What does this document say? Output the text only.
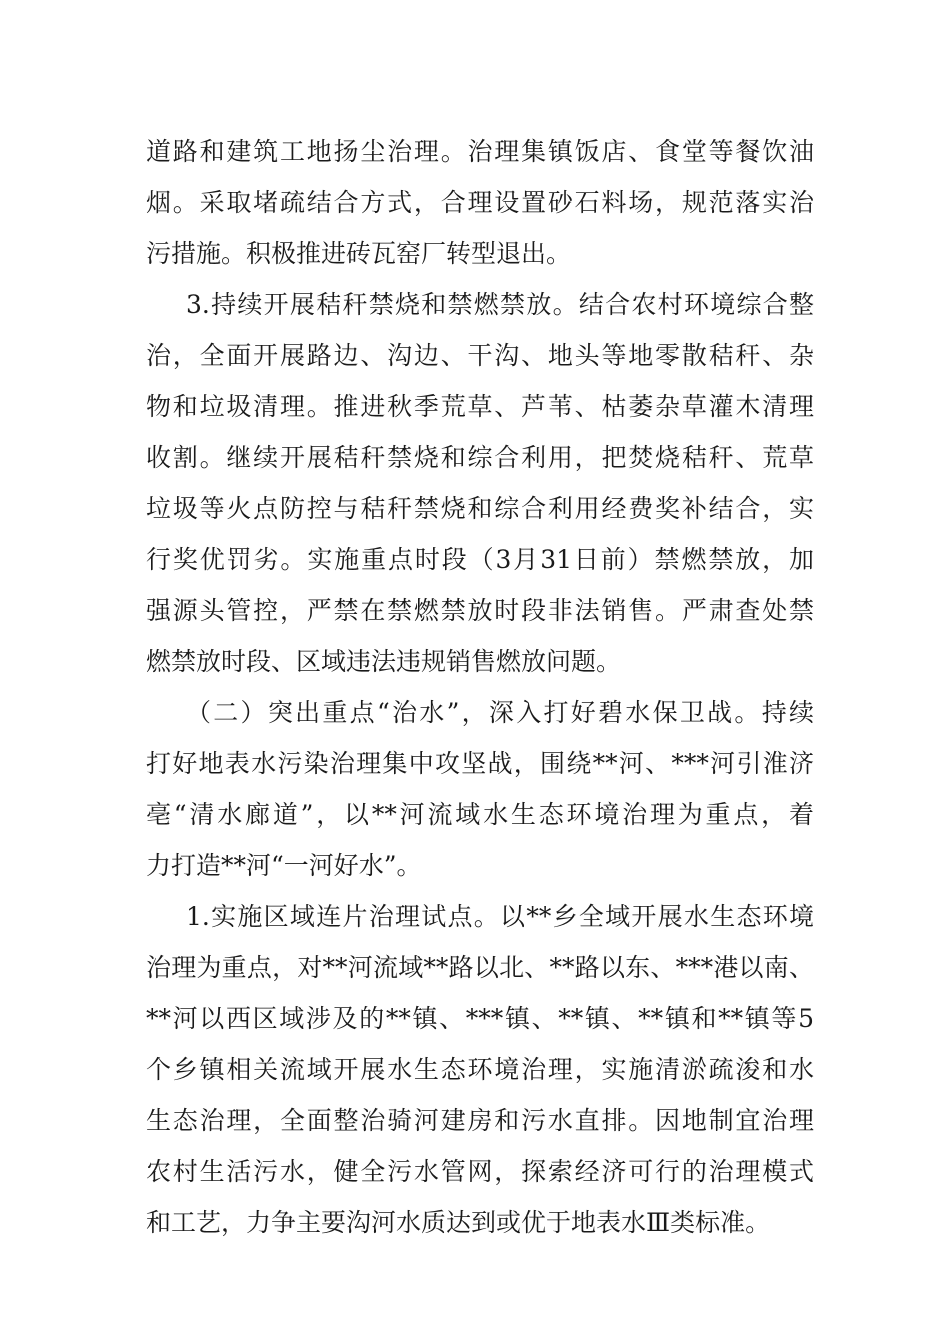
道路和建筑工地扬尘治理。治理集镇饭店、食堂等餐饮油
烟。采取堵疏结合方式，合理设置砂石料场，规范落实治
污措施。积极推进砖瓦窑厂转型退出。
3.持续开展秸秆禁烧和禁燃禁放。结合农村环境综合整
治，全面开展路边、沟边、干沟、地头等地零散秸秆、杂
物和垃圾清理。推进秋季荒草、芦苇、枯萎杂草灌木清理
收割。继续开展秸秆禁烧和综合利用，把焚烧秸秆、荒草
垃圾等火点防控与秸秆禁烧和综合利用经费奖补结合，实
行奖优罚劣。实施重点时段（3月31日前）禁燃禁放，加
强源头管控，严禁在禁燃禁放时段非法销售。严肃查处禁
燃禁放时段、区域违法违规销售燃放问题。
（二）突出重点“治水”，深入打好碧水保卫战。持续
打好地表水污染治理集中攻坚战，围绕**河、***河引淮济
亳“清水廊道”，以**河流域水生态环境治理为重点，着
力打造**河“一河好水”。
1.实施区域连片治理试点。以**乡全域开展水生态环境
治理为重点，对**河流域**路以北、**路以东、***港以南、
**河以西区域涉及的**镇、***镇、**镇、**镇和**镇等5
个乡镇相关流域开展水生态环境治理，实施清淤疏浚和水
生态治理，全面整治骑河建房和污水直排。因地制宜治理
农村生活污水，健全污水管网，探索经济可行的治理模式
和工艺，力争主要沟河水质达到或优于地表水Ⅲ类标准。
